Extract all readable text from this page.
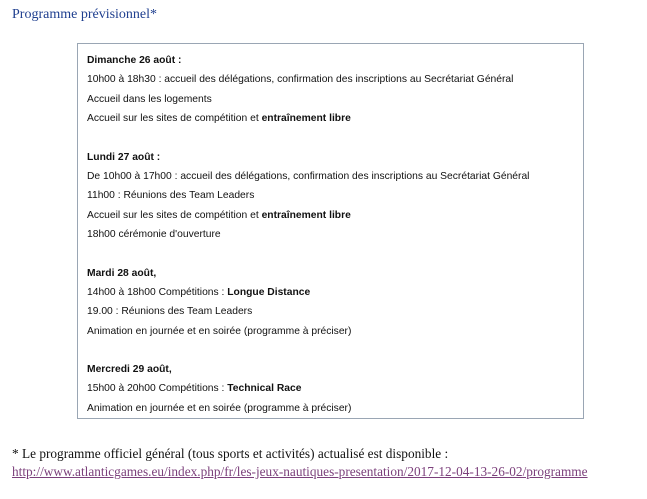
Programme prévisionnel*
Dimanche 26 août :
10h00 à 18h30 : accueil des délégations, confirmation des inscriptions au Secrétariat Général
Accueil dans les logements
Accueil sur les sites de compétition et entraînement libre
Lundi 27 août :
De 10h00 à 17h00 : accueil des délégations, confirmation des inscriptions au Secrétariat Général
11h00 : Réunions des Team Leaders
Accueil sur les sites de compétition et entraînement libre
18h00 cérémonie d'ouverture
Mardi 28 août,
14h00 à 18h00 Compétitions : Longue Distance
19.00 : Réunions des Team Leaders
Animation en journée et en soirée (programme à préciser)
Mercredi 29 août,
15h00 à 20h00 Compétitions : Technical Race
Animation en journée et en soirée (programme à préciser)
* Le programme officiel général (tous sports et activités) actualisé est disponible :
http://www.atlanticgames.eu/index.php/fr/les-jeux-nautiques-presentation/2017-12-04-13-26-02/programme
